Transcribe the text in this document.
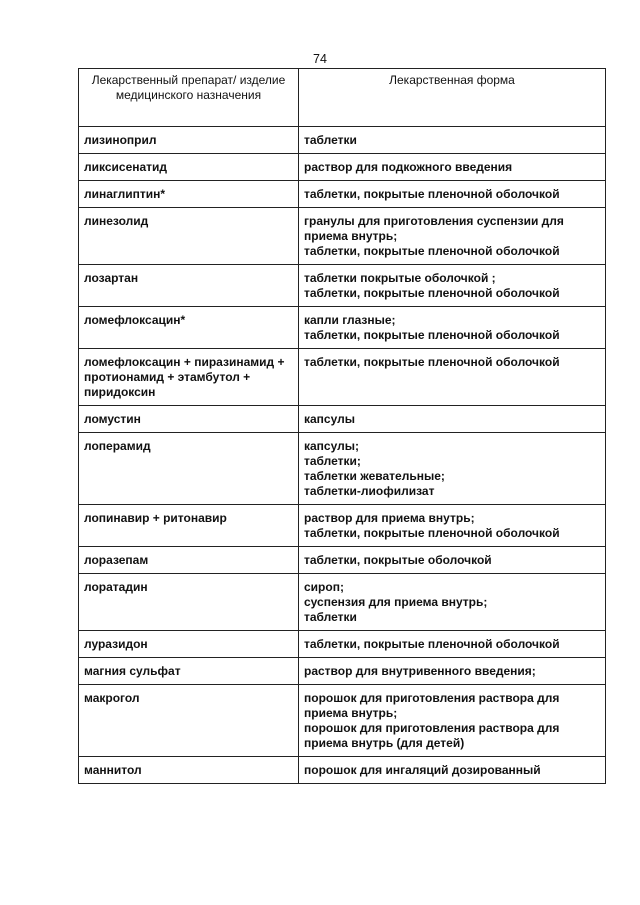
74
Лекарственный препарат/ изделие медицинского назначения	Лекарственная форма
лизиноприл	таблетки

ликсисенатид	раствор для подкожного введения

линаглиптин*	таблетки, покрытые пленочной оболочкой

линезолид	гранулы для приготовления суспензии для приема внутрь;
таблетки, покрытые пленочной оболочкой

лозартан	таблетки покрытые оболочкой ;
таблетки, покрытые пленочной оболочкой

ломефлоксацин*	капли глазные;
таблетки, покрытые пленочной оболочкой

ломефлоксацин + пиразинамид + протионамид + этамбутол + пиридоксин	таблетки, покрытые пленочной оболочкой

ломустин	капсулы

лоперамид	капсулы;
таблетки;
таблетки жевательные;
таблетки-лиофилизат

лопинавир + ритонавир	раствор для приема внутрь;
таблетки, покрытые пленочной оболочкой

лоразепам	таблетки, покрытые оболочкой

лоратадин	сироп;
суспензия для приема внутрь;
таблетки

луразидон	таблетки, покрытые пленочной оболочкой

магния сульфат	раствор для внутривенного введения;

макрогол	порошок для приготовления раствора для приема внутрь;
порошок для приготовления раствора для приема внутрь (для детей)

маннитол	порошок для ингаляций дозированный
